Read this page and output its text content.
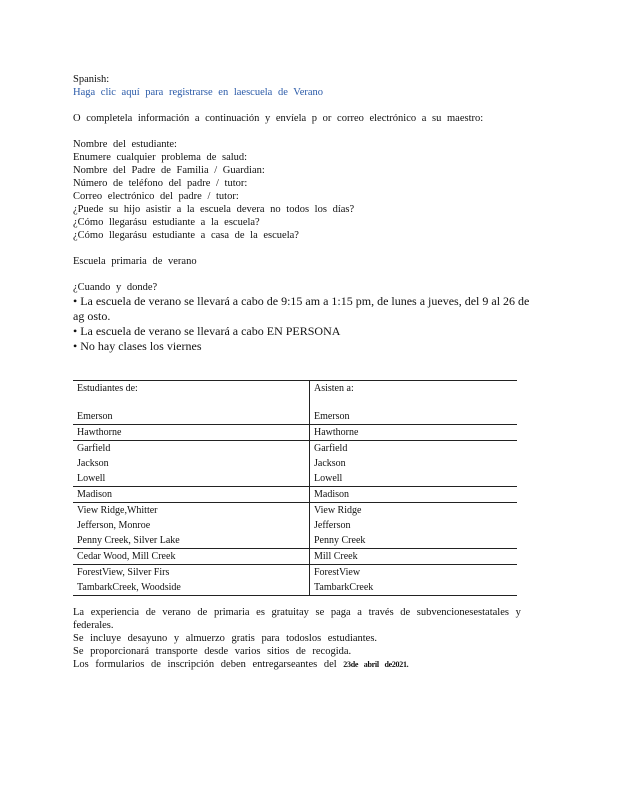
Spanish:
Haga clic aquí para registrarse en laescuela de Verano
O completela información a continuación y envíela p or correo electrónico a su maestro:
Nombre del estudiante:
Enumere cualquier problema de salud:
Nombre del Padre de Familia / Guardian:
Número de teléfono del padre / tutor:
Correo electrónico del padre / tutor:
¿Puede su hijo asistir a la escuela devera no todos los días?
¿Cómo llegarásu estudiante a la escuela?
¿Cómo llegarásu estudiante a casa de la escuela?
Escuela primaria de verano
¿Cuando y donde?
• La escuela de verano se llevará a cabo de 9:15 am a 1:15 pm, de lunes a jueves, del 9 al 26 de ag osto.
• La escuela de verano se llevará a cabo EN PERSONA
• No hay clases los viernes
Estudiantes de:	Asisten a:
Emerson	Emerson
Hawthorne	Hawthorne
Garfield	Garfield
Jackson	Jackson
Lowell	Lowell
Madison	Madison
View Ridge,Whitter	View Ridge
Jefferson, Monroe	Jefferson
Penny Creek, Silver Lake	Penny Creek
Cedar Wood, Mill Creek	Mill Creek
ForestView, Silver Firs	ForestView
TambarkCreek, Woodside	TambarkCreek
La experiencia de verano de primaria es gratuitay se paga a través de subvencionesestatales y federales.
Se incluye desayuno y almuerzo gratis para todoslos estudiantes.
Se proporcionará transporte desde varios sitios de recogida.
Los formularios de inscripción deben entregarseantes del 23de abril de2021.
